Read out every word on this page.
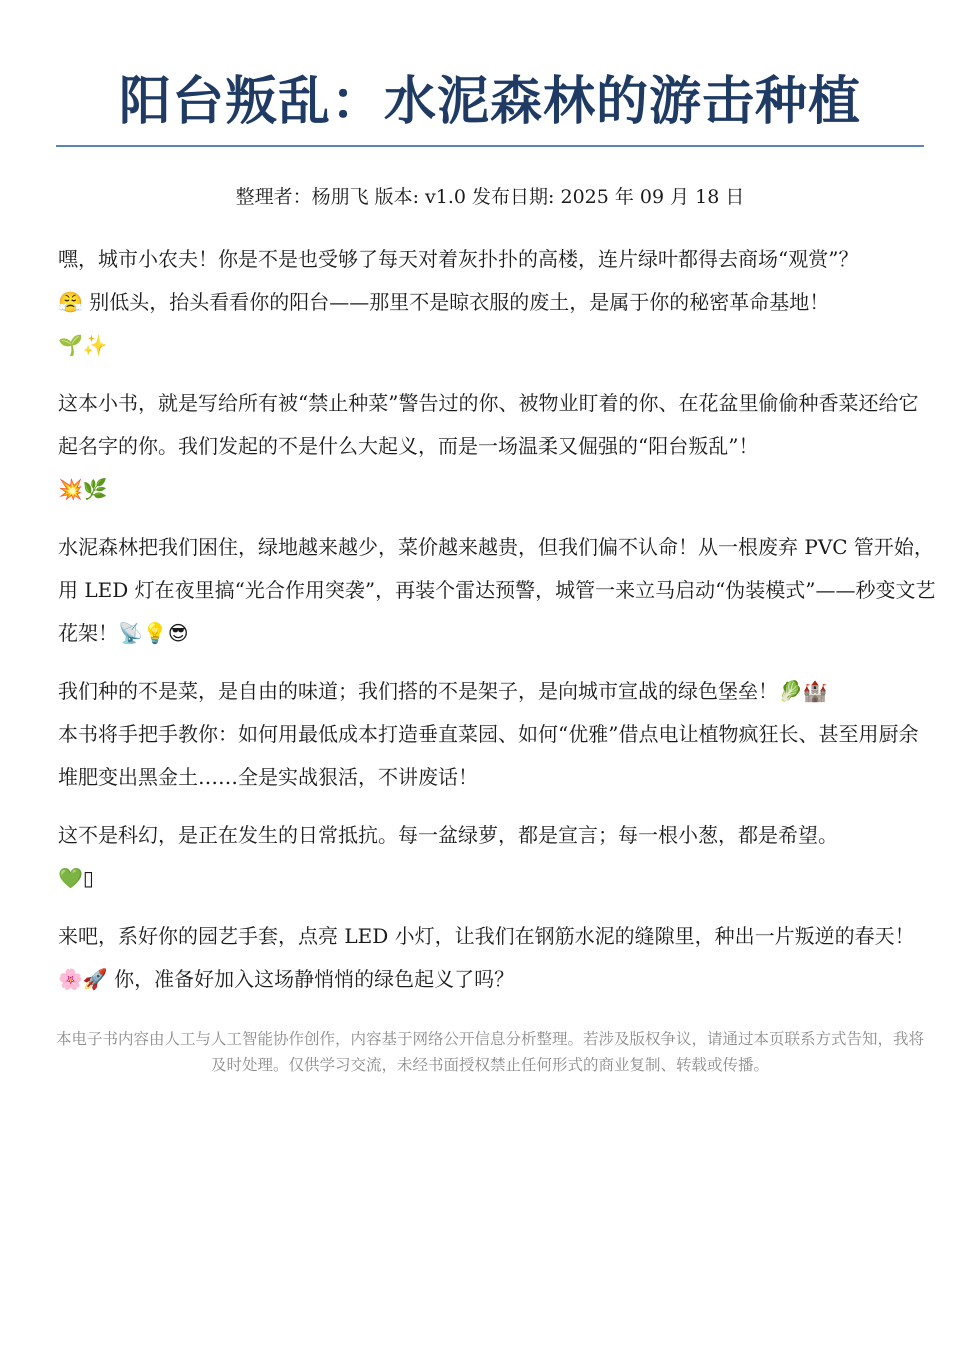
阳台叛乱：水泥森林的游击种植
整理者：杨朋飞 版本: v1.0 发布日期: 2025 年 09 月 18 日

嘿，城市小农夫！你是不是也受够了每天对着灰扑扑的高楼，连片绿叶都得去商场“观赏”？
😤 别低头，抬头看看你的阳台——那里不是晾衣服的废土，是属于你的秘密革命基地！
🌱✨

这本小书，就是写给所有被“禁止种菜”警告过的你、被物业盯着的你、在花盆里偷偷种香菜还给它起名字的你。我们发起的不是什么大起义，而是一场温柔又倔强的“阳台叛乱”！
💥🌿

水泥森林把我们困住，绿地越来越少，菜价越来越贵，但我们偏不认命！从一根废弃 PVC 管开始，用 LED 灯在夜里搞“光合作用突袭”，再装个雷达预警，城管一来立马启动“伪装模式”——秒变文艺花架！📡💡😎

我们种的不是菜，是自由的味道；我们搭的不是架子，是向城市宣战的绿色堡垒！🥬🏰
本书将手把手教你：如何用最低成本打造垂直菜园、如何“优雅”借点电让植物疯狂长、甚至用厨余堆肥变出黑金土……全是实战狠活，不讲废话！

这不是科幻，是正在发生的日常抵抗。每一盆绿萝，都是宣言；每一根小葱，都是希望。
💚▯

来吧，系好你的园艺手套，点亮 LED 小灯，让我们在钢筋水泥的缝隙里，种出一片叛逆的春天！🌸🚀 你，准备好加入这场静悄悄的绿色起义了吗？

本电子书内容由人工与人工智能协作创作，内容基于网络公开信息分析整理。若涉及版权争议，请通过本页联系方式告知，我将及时处理。仅供学习交流，未经书面授权禁止任何形式的商业复制、转载或传播。
